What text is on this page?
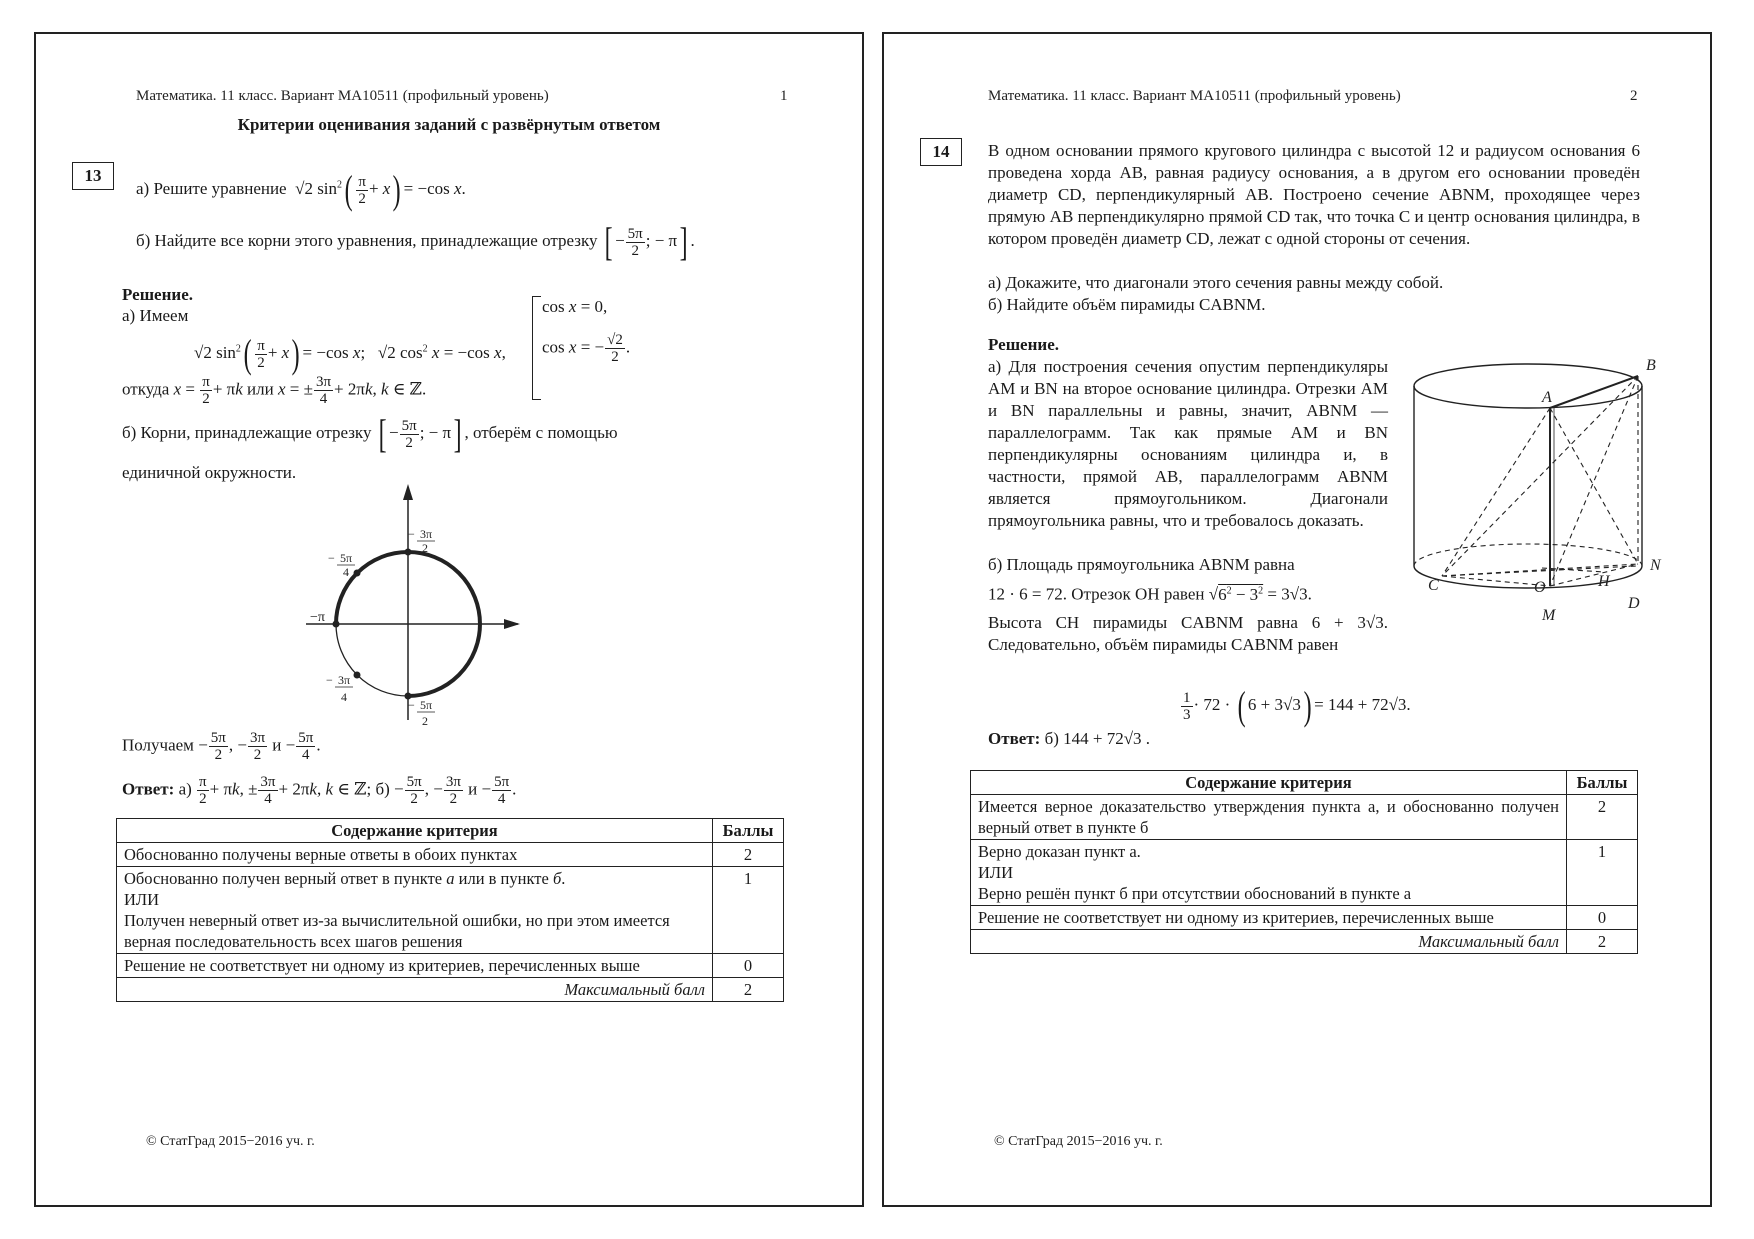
Математика. 11 класс. Вариант МА10511 (профильный уровень)	1
Критерии оценивания заданий с развёрнутым ответом
13
а) Решите уравнение  √2 $\sin^2( \frac{\pi}{2} + x) = -\cos$ x.
б) Найдите все корни этого уравнения, принадлежащие отрезку [ − $\frac{5\pi}{2}$ ; − π] .
Решение.
а) Имеем
√2 $\sin^2( \frac{\pi}{2} + x) = -\cos$ x;   √2 $\cos^2 x = -\cos$ x,
cos x = 0,
cos x = − $\frac{√2}{2}$ .
откуда $x = \frac{\pi}{2} + \pi k$ или x = ± $\frac{3\pi}{4} + 2\pi k$, k ∈ ℤ.
б) Корни, принадлежащие отрезку [ − $\frac{5\pi}{2}$ ; − π] , отберём с помощью
единичной окружности.
3π
2
−
5π
4
−
−π
3π
4
−
5π
2
−
Получаем − $\frac{5\pi}{2}$ , − $\frac{3\pi}{2}$ $и - \frac{5\pi}{4}$ .
Ответ: $а) \frac{\pi}{2} + \pi k$, ± $\frac{3\pi}{4} + 2\pi k$, k ∈ ℤ; $б) - \frac{5\pi}{2}$ , − $\frac{3\pi}{2}$ $и - \frac{5\pi}{4}$ .
Содержание критерия	Баллы
Обоснованно получены верные ответы в обоих пунктах	2
Обоснованно получен верный ответ в пункте а или в пункте б.
ИЛИ
Получен неверный ответ из-за вычислительной ошибки, но при этом имеется верная последовательность всех шагов решения	1
Решение не соответствует ни одному из критериев, перечисленных выше	0
Максимальный балл	2
© СтатГрад 2015−2016 уч. г.
Математика. 11 класс. Вариант МА10511 (профильный уровень)	2
14	В одном основании прямого кругового цилиндра с высотой 12 и радиусом основания 6 проведена хорда AB, равная радиусу основания, а в другом его основании проведён диаметр CD, перпендикулярный AB. Построено сечение ABNM, проходящее через прямую AB перпендикулярно прямой CD так, что точка C и центр основания цилиндра, в котором проведён диаметр CD, лежат с одной стороны от сечения.
а) Докажите, что диагонали этого сечения равны между собой.
б) Найдите объём пирамиды CABNM.
Решение.
а) Для построения сечения опустим перпендикуляры AM и BN на второе основание цилиндра. Отрезки AM и BN параллельны и равны, значит, ABNM — параллелограмм. Так как прямые AM и BN перпендикулярны основаниям цилиндра и, в частности, прямой AB, параллелограмм ABNM является прямоугольником. Диагонали прямоугольника равны, что и требовалось доказать.
б) Площадь прямоугольника ABNM равна
12 · 6 = 72. Отрезок OH равен $√6^2 - 3^2 = 3√3$.
Высота CH пирамиды CABNM равна 6 + 3√3. Следовательно, объём пирамиды CABNM равен
$\frac{1}{3} \cdot 72$ · ( 6 + 3√3) = 144 + 72√3.
Ответ: б) 144 + 72√3 .
A
B
C
D
M
N
O	H
Содержание критерия	Баллы
Имеется верное доказательство утверждения пункта а, и обоснованно получен верный ответ в пункте б	2
Верно доказан пункт а.
ИЛИ
Верно решён пункт б при отсутствии обоснований в пункте а	1
Решение не соответствует ни одному из критериев, перечисленных выше	0
Максимальный балл	2
© СтатГрад 2015−2016 уч. г.
